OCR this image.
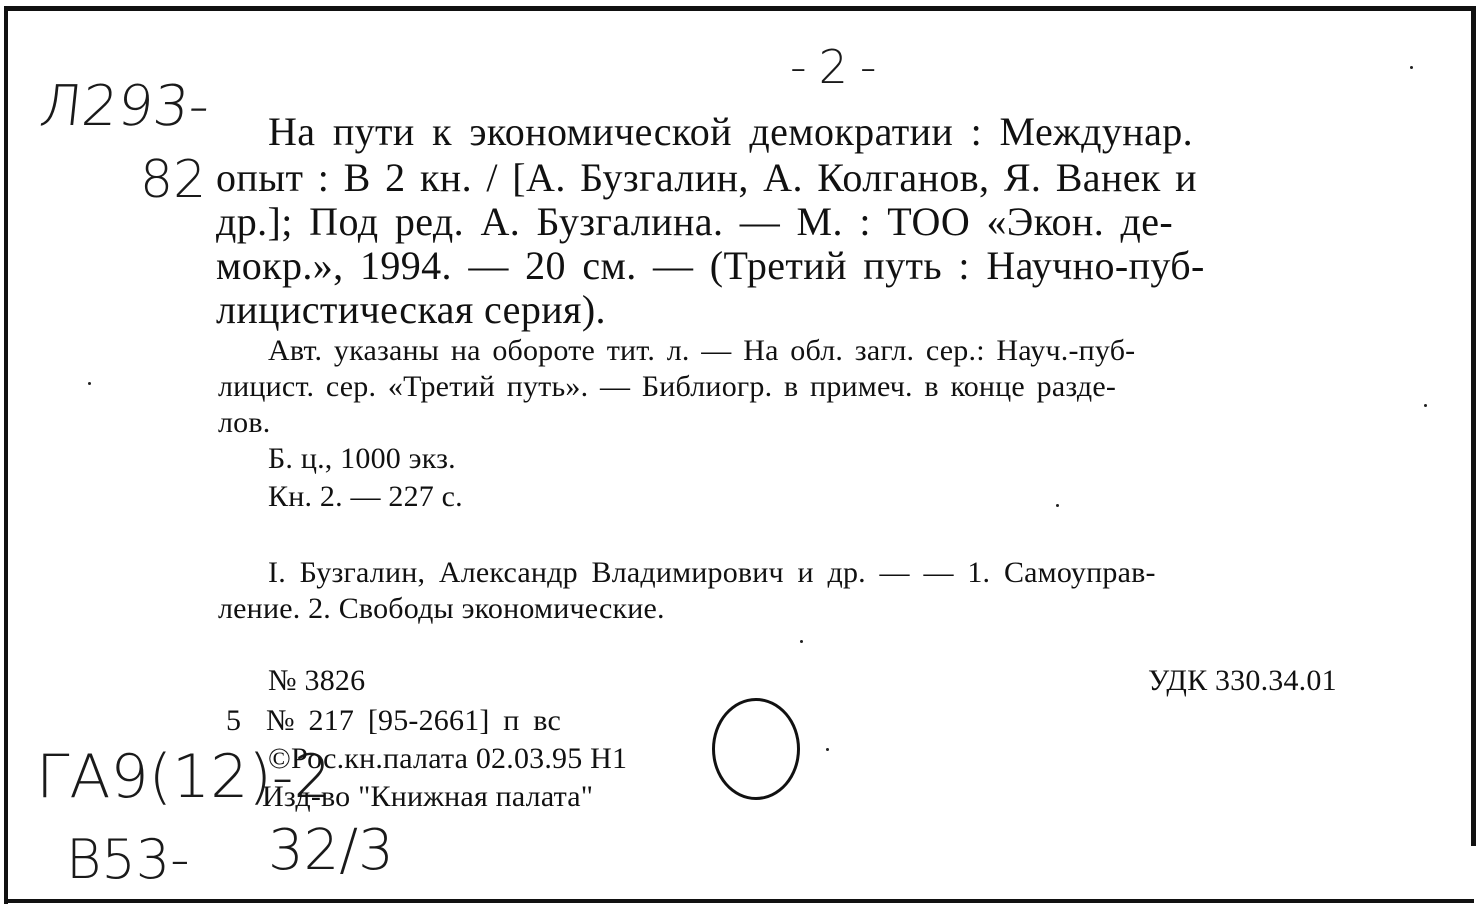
Л293-
82
-2-
ГА9(12)-2
В53- 32/3
На пути к экономической демократии : Междунар.
опыт : В 2 кн. / [А. Бузгалин, А. Колганов, Я. Ванек и
др.]; Под ред. А. Бузгалина. — М. : ТОО «Экон. де-
мокр.», 1994. — 20 см. — (Третий путь : Научно-пуб-
лицистическая серия).
Авт. указаны на обороте тит. л. — На обл. загл. сер.: Науч.-пуб-
лицист. сер. «Третий путь». — Библиогр. в примеч. в конце разде-
лов.
Б. ц., 1000 экз.
Кн. 2. — 227 с.
I. Бузгалин, Александр Владимирович и др. — — 1. Самоуправ-
ление. 2. Свободы экономические.
№ 3826	УДК 330.34.01
5 № 217 [95-2661] п вс
©Рос.кн.палата 02.03.95 Н1
Изд-во "Книжная палата"
